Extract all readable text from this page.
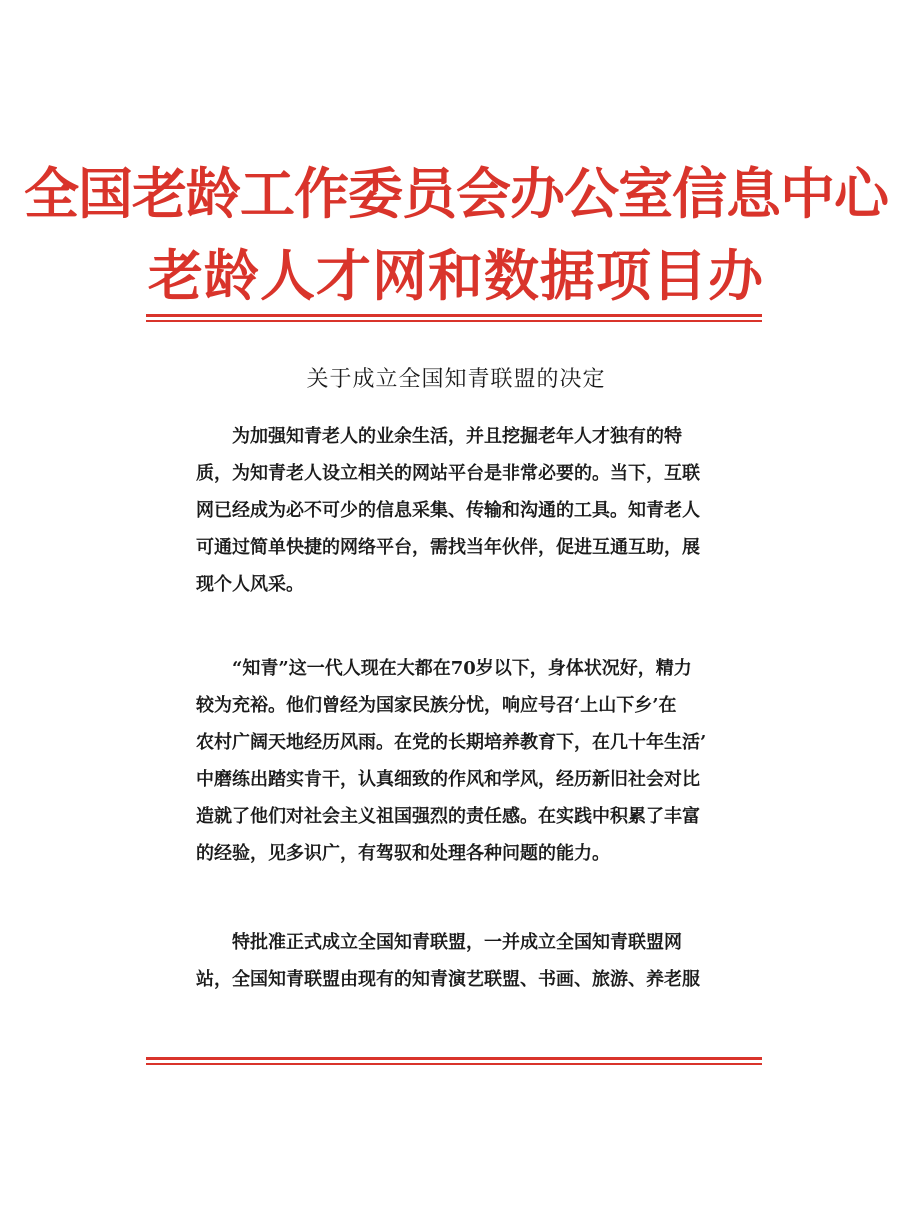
全国老龄工作委员会办公室信息中心
老龄人才网和数据项目办
关于成立全国知青联盟的决定
为加强知青老人的业余生活，并且挖掘老年人才独有的特
质，为知青老人设立相关的网站平台是非常必要的。当下，互联
网已经成为必不可少的信息采集、传输和沟通的工具。知青老人
可通过简单快捷的网络平台，需找当年伙伴，促进互通互助，展
现个人风采。
“知青”这一代人现在大都在70岁以下，身体状况好，精力
较为充裕。他们曾经为国家民族分忧，响应号召‘上山下乡’在
农村广阔天地经历风雨。在党的长期培养教育下，在几十年生活’
中磨练出踏实肯干，认真细致的作风和学风，经历新旧社会对比
造就了他们对社会主义祖国强烈的责任感。在实践中积累了丰富
的经验，见多识广，有驾驭和处理各种问题的能力。
特批准正式成立全国知青联盟，一并成立全国知青联盟网
站，全国知青联盟由现有的知青演艺联盟、书画、旅游、养老服
